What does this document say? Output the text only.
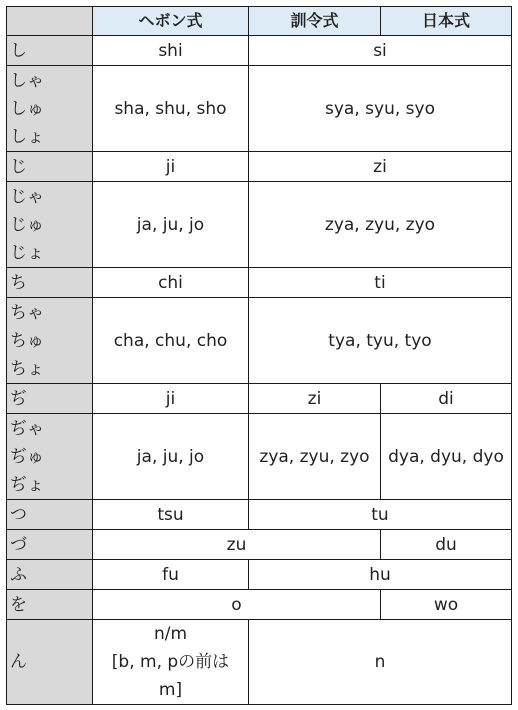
	ヘボン式	訓令式	日本式

し	shi	si	

しゃ
しゅ
しょ	sha, shu, sho	sya, syu, syo	

じ	ji	zi	

じゃ
じゅ
じょ	ja, ju, jo	zya, zyu, zyo	

ち	chi	ti	

ちゃ
ちゅ
ちょ	cha, chu, cho	tya, tyu, tyo	

ぢ	ji	zi	di

ぢゃ
ぢゅ
ぢょ	ja, ju, jo	zya, zyu, zyo	dya, dyu, dyo

つ	tsu	tu	

づ	zu		du

ふ	fu	hu	

を	o		wo

ん	n/m
[b, m, pの前は
m]	n	
